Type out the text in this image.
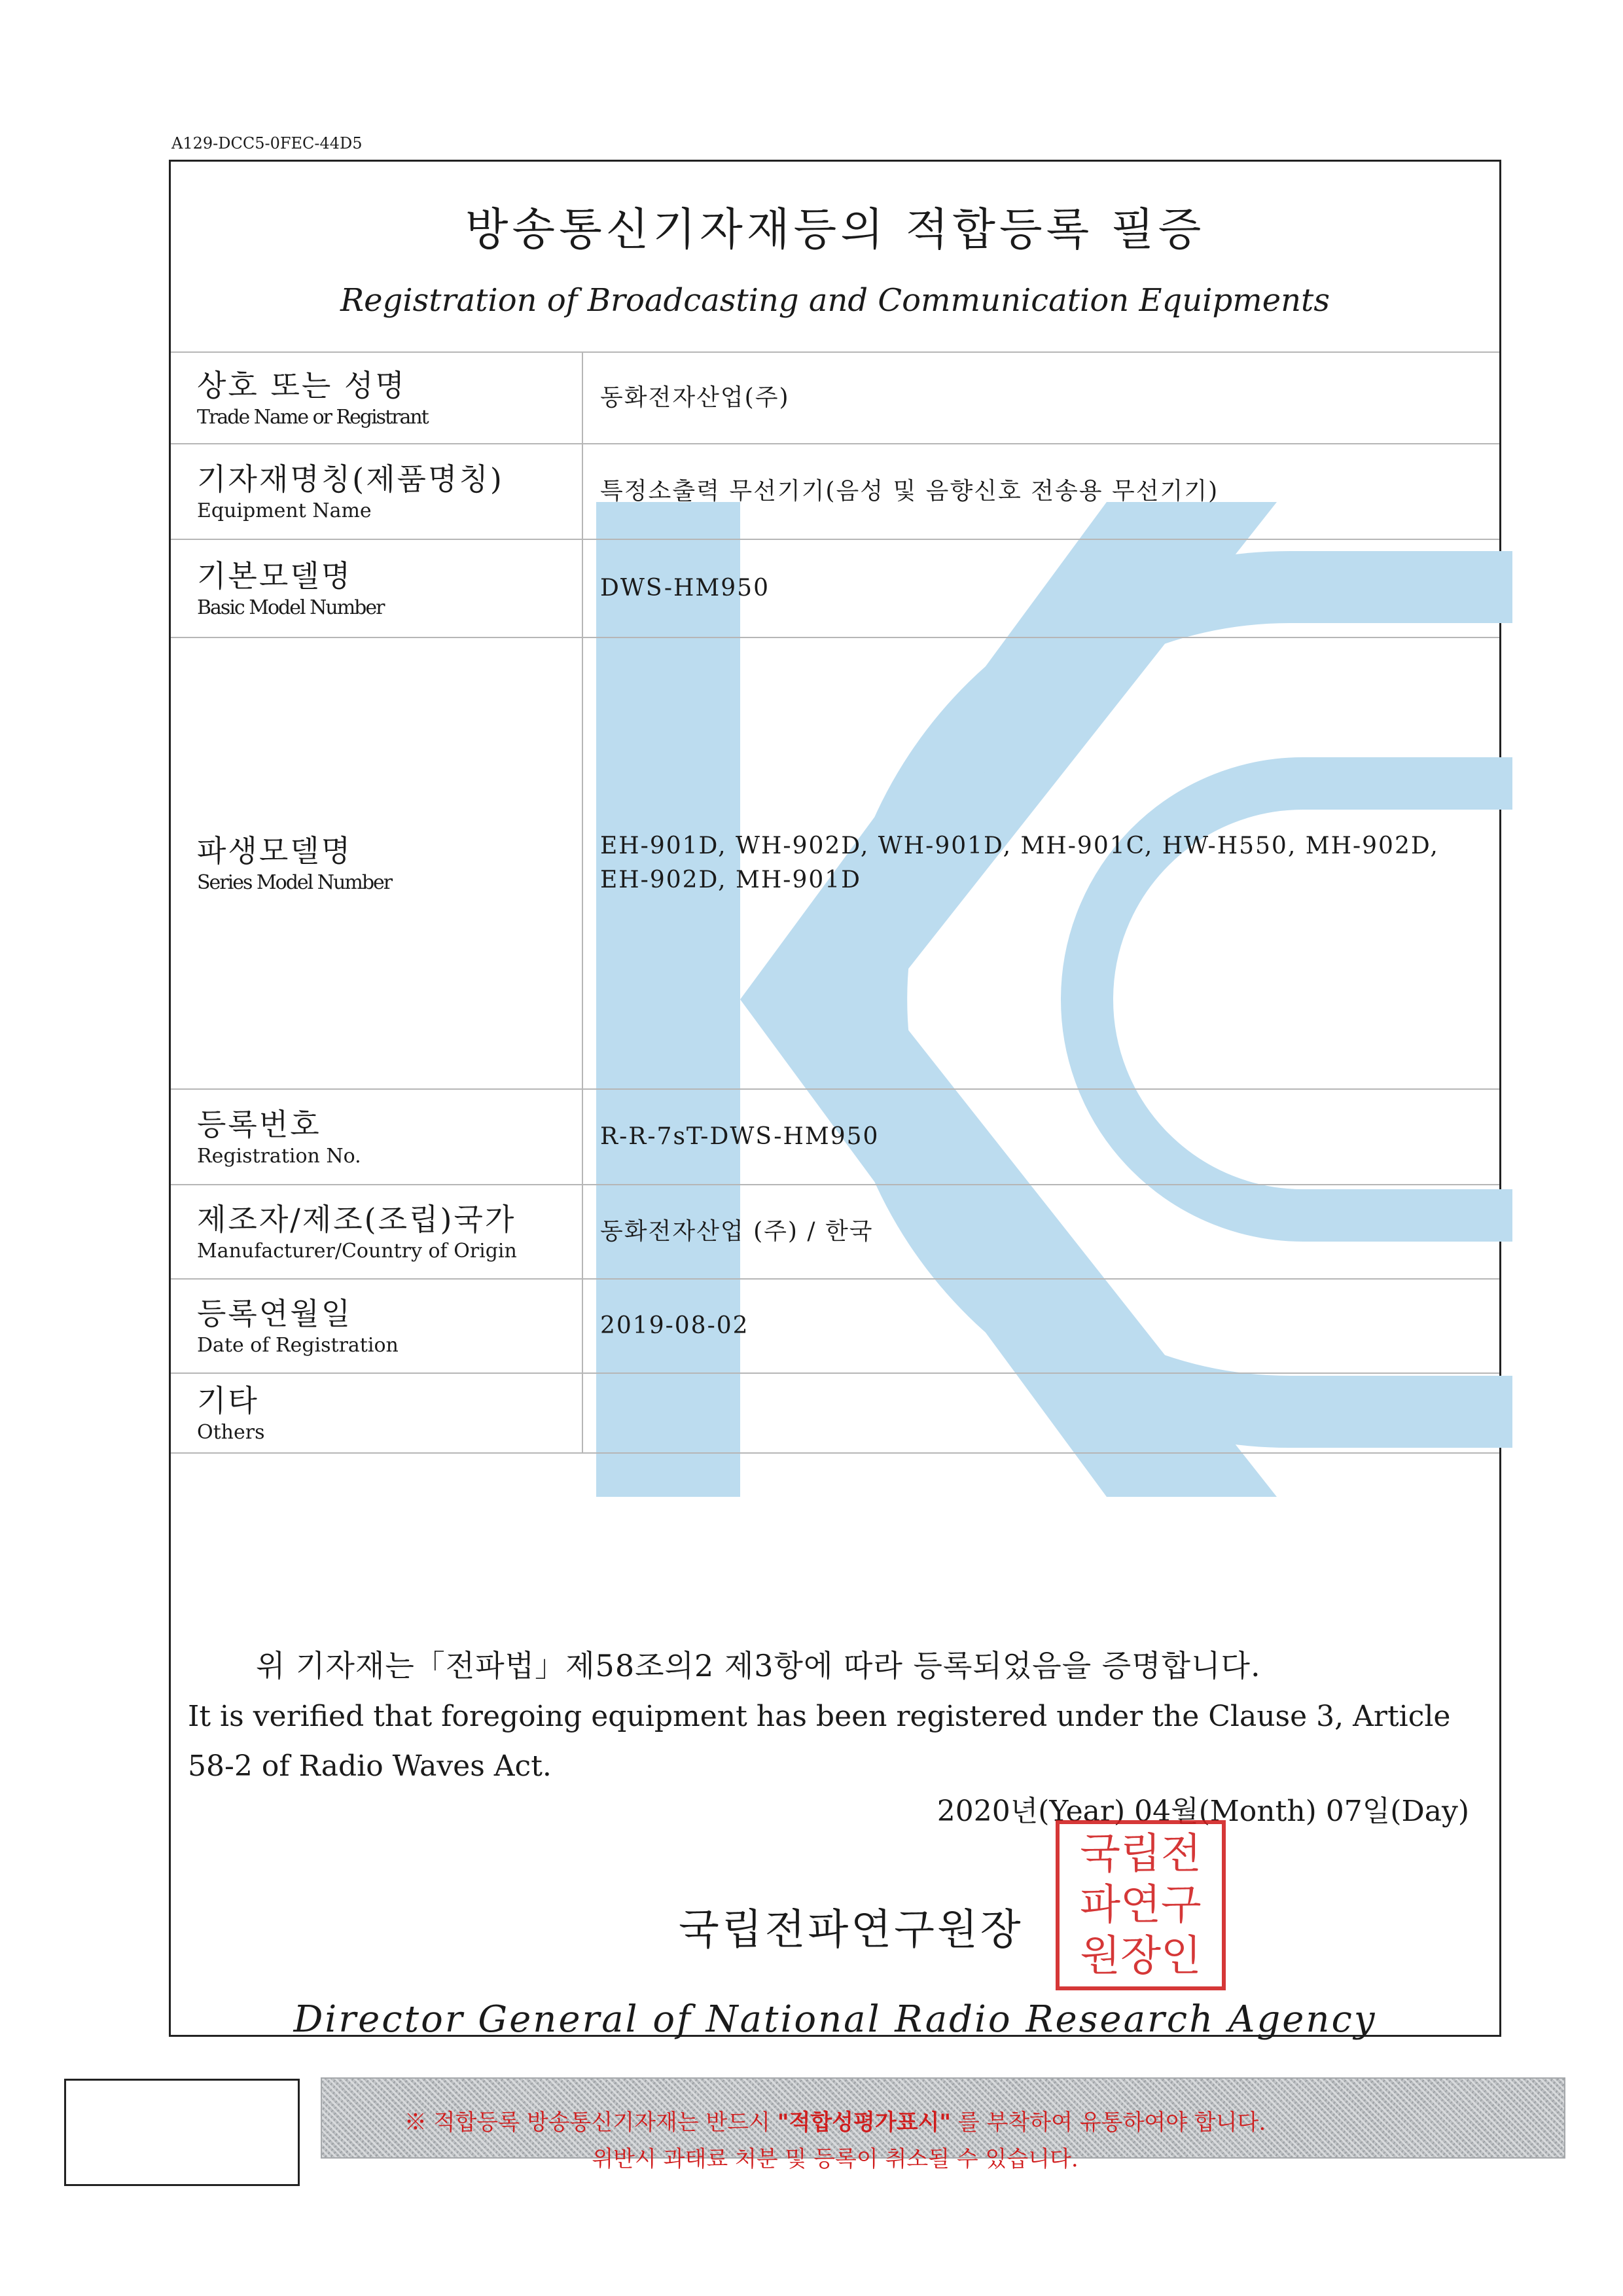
A129-DCC5-0FEC-44D5
방송통신기자재등의 적합등록 필증
Registration of Broadcasting and Communication Equipments
상호 또는 성명
Trade Name or Registrant
동화전자산업(주)
기자재명칭(제품명칭)
Equipment Name
특정소출력 무선기기(음성 및 음향신호 전송용 무선기기)
기본모델명
Basic Model Number
DWS-HM950
파생모델명
Series Model Number
EH-901D, WH-902D, WH-901D, MH-901C, HW-H550, MH-902D, EH-902D, MH-901D
등록번호
Registration No.
R-R-7sT-DWS-HM950
제조자/제조(조립)국가
Manufacturer/Country of Origin
동화전자산업 (주) / 한국
등록연월일
Date of Registration
2019-08-02
기타
Others
위 기자재는「전파법」제58조의2 제3항에 따라 등록되었음을 증명합니다.
It is verified that foregoing equipment has been registered under the Clause 3, Article 58-2 of Radio Waves Act.
2020년(Year) 04월(Month) 07일(Day)
국립전파연구원장
국립전
파연구
원장인
Director General of National Radio Research Agency
※ 적합등록 방송통신기자재는 반드시 "적합성평가표시" 를 부착하여 유통하여야 합니다.
위반시 과태료 처분 및 등록이 취소될 수 있습니다.
